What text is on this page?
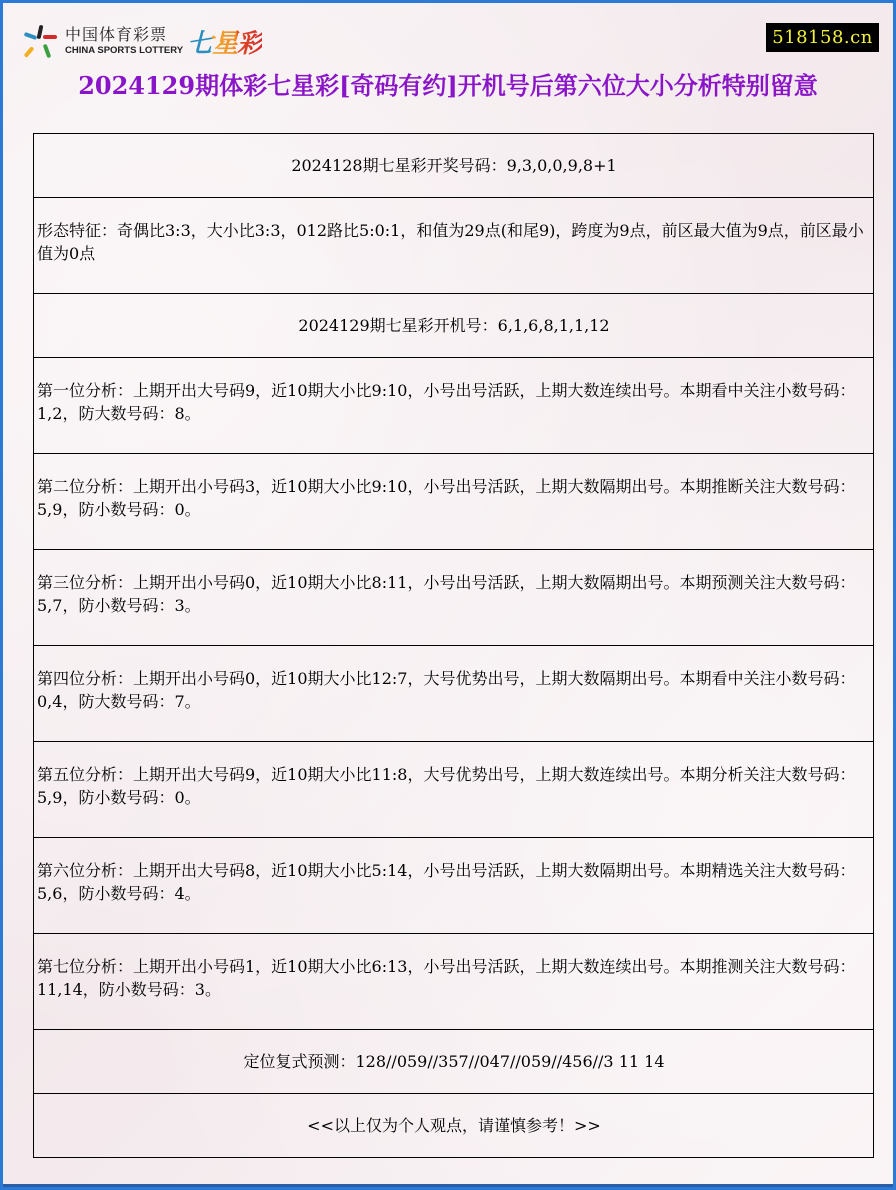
中国体育彩票
CHINA SPORTS LOTTERY 七星彩	518158.cn
2024129期体彩七星彩[奇码有约]开机号后第六位大小分析特别留意
2024128期七星彩开奖号码：9,3,0,0,9,8+1
形态特征：奇偶比3:3，大小比3:3，012路比5:0:1，和值为29点(和尾9)，跨度为9点，前区最大值为9点，前区最小值为0点
2024129期七星彩开机号：6,1,6,8,1,1,12
第一位分析：上期开出大号码9，近10期大小比9:10，小号出号活跃，上期大数连续出号。本期看中关注小数号码：1,2，防大数号码：8。
第二位分析：上期开出小号码3，近10期大小比9:10，小号出号活跃，上期大数隔期出号。本期推断关注大数号码：5,9，防小数号码：0。
第三位分析：上期开出小号码0，近10期大小比8:11，小号出号活跃，上期大数隔期出号。本期预测关注大数号码：5,7，防小数号码：3。
第四位分析：上期开出小号码0，近10期大小比12:7，大号优势出号，上期大数隔期出号。本期看中关注小数号码：0,4，防大数号码：7。
第五位分析：上期开出大号码9，近10期大小比11:8，大号优势出号，上期大数连续出号。本期分析关注大数号码：5,9，防小数号码：0。
第六位分析：上期开出大号码8，近10期大小比5:14，小号出号活跃，上期大数隔期出号。本期精选关注大数号码：5,6，防小数号码：4。
第七位分析：上期开出小号码1，近10期大小比6:13，小号出号活跃，上期大数连续出号。本期推测关注大数号码：11,14，防小数号码：3。
定位复式预测：128//059//357//047//059//456//3 11 14
<<以上仅为个人观点，请谨慎参考！>>
